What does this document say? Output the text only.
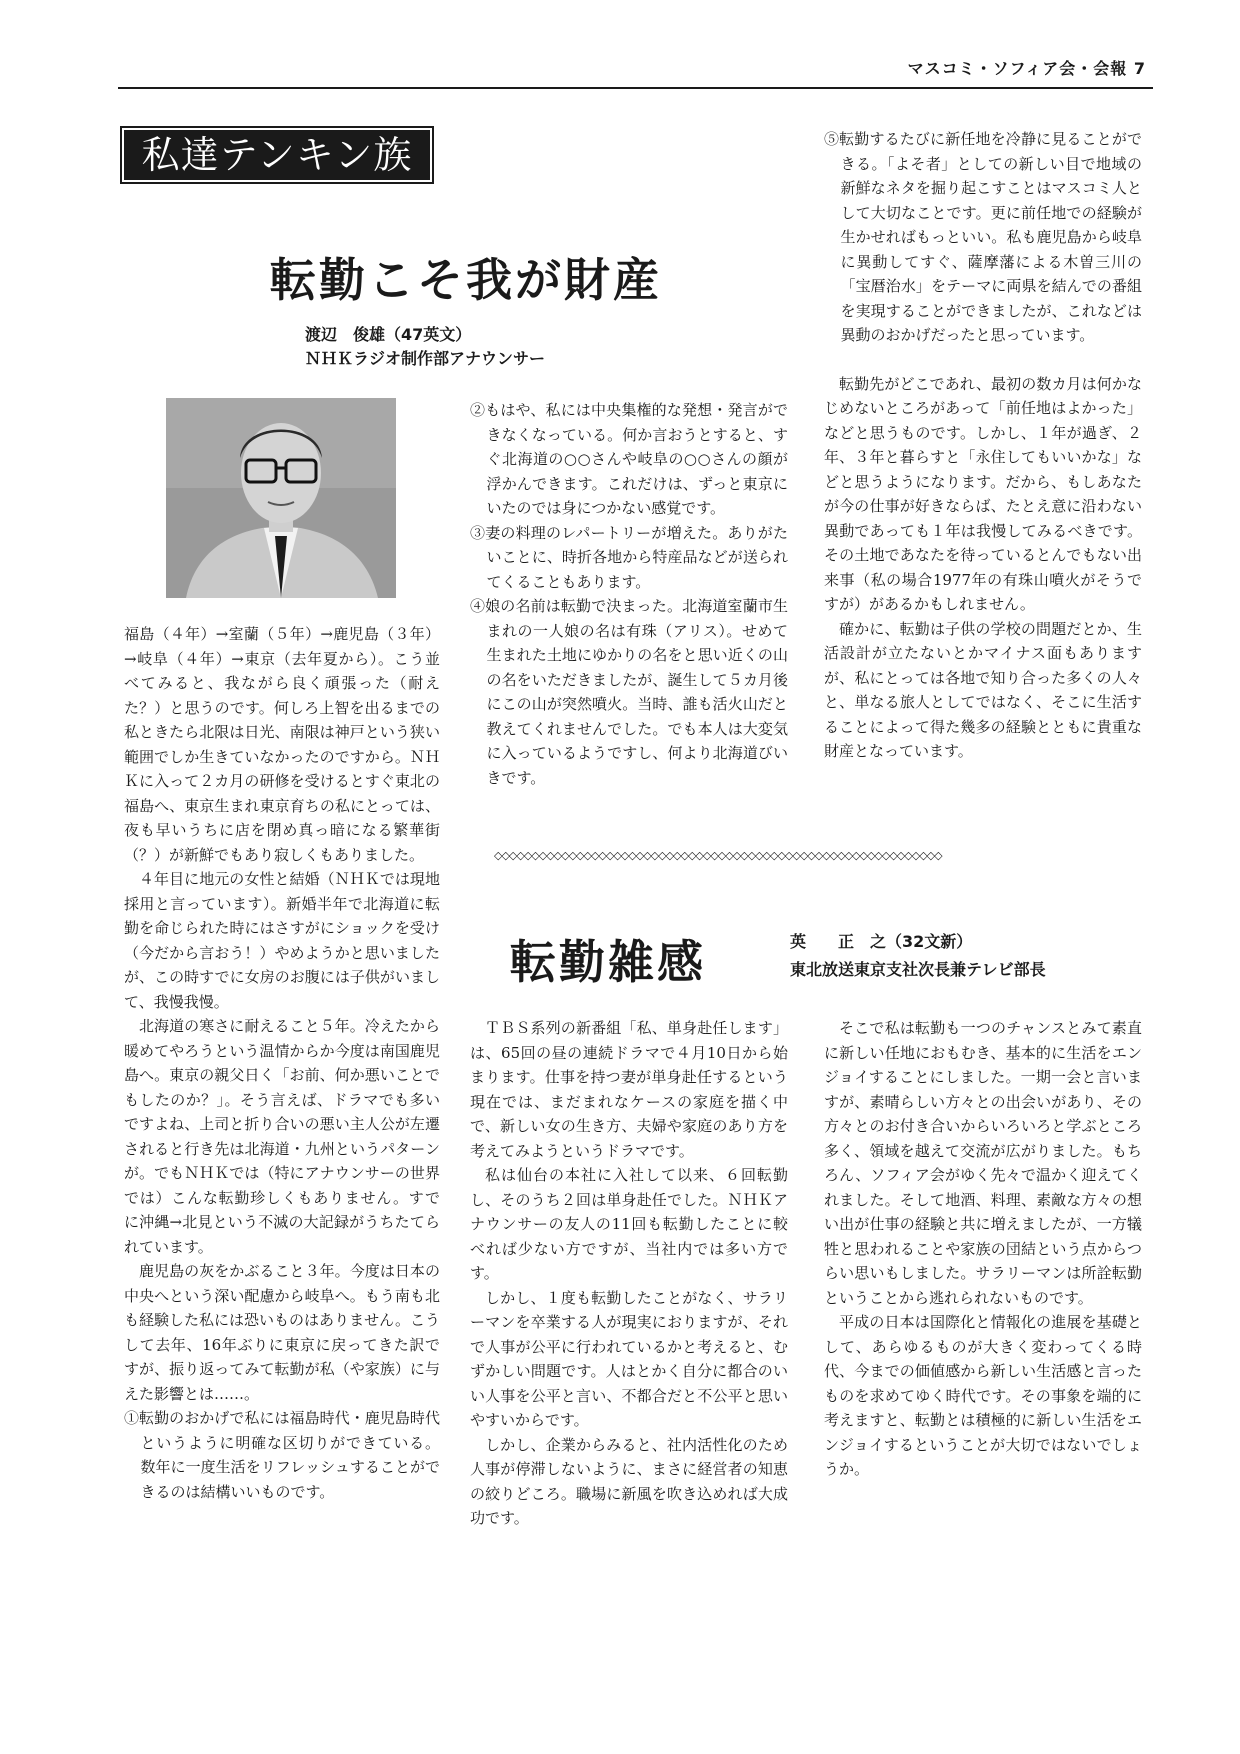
マスコミ・ソフィア会・会報 7
私達テンキン族
転勤こそ我が財産
渡辺　俊雄（47英文）
ＮＨＫラジオ制作部アナウンサー

福島（４年）→室蘭（５年）→鹿児島（３年）→岐阜（４年）→東京（去年夏から）。こう並べてみると、我ながら良く頑張った（耐えた？）と思うのです。何しろ上智を出るまでの私ときたら北限は日光、南限は神戸という狭い範囲でしか生きていなかったのですから。ＮＨＫに入って２カ月の研修を受けるとすぐ東北の福島へ、東京生まれ東京育ちの私にとっては、夜も早いうちに店を閉め真っ暗になる繁華街（？）が新鮮でもあり寂しくもありました。

４年目に地元の女性と結婚（ＮＨＫでは現地採用と言っています）。新婚半年で北海道に転勤を命じられた時にはさすがにショックを受け（今だから言おう！）やめようかと思いましたが、この時すでに女房のお腹には子供がいまして、我慢我慢。

北海道の寒さに耐えること５年。冷えたから暖めてやろうという温情からか今度は南国鹿児島へ。東京の親父日く「お前、何か悪いことでもしたのか？」。そう言えば、ドラマでも多いですよね、上司と折り合いの悪い主人公が左遷されると行き先は北海道・九州というパターンが。でもＮＨＫでは（特にアナウンサーの世界では）こんな転勤珍しくもありません。すでに沖縄→北見という不滅の大記録がうちたてられています。

鹿児島の灰をかぶること３年。今度は日本の中央へという深い配慮から岐阜へ。もう南も北も経験した私には恐いものはありません。こうして去年、16年ぶりに東京に戻ってきた訳ですが、振り返ってみて転勤が私（や家族）に与えた影響とは……。

①転勤のおかげで私には福島時代・鹿児島時代というように明確な区切りができている。数年に一度生活をリフレッシュすることができるのは結構いいものです。

②もはや、私には中央集権的な発想・発言ができなくなっている。何か言おうとすると、すぐ北海道の○○さんや岐阜の○○さんの顔が浮かんできます。これだけは、ずっと東京にいたのでは身につかない感覚です。

③妻の料理のレパートリーが増えた。ありがたいことに、時折各地から特産品などが送られてくることもあります。

④娘の名前は転勤で決まった。北海道室蘭市生まれの一人娘の名は有珠（アリス）。せめて生まれた土地にゆかりの名をと思い近くの山の名をいただきましたが、誕生して５カ月後にこの山が突然噴火。当時、誰も活火山だと教えてくれませんでした。でも本人は大変気に入っているようですし、何より北海道びいきです。

⑤転勤するたびに新任地を冷静に見ることができる。「よそ者」としての新しい目で地域の新鮮なネタを掘り起こすことはマスコミ人として大切なことです。更に前任地での経験が生かせればもっといい。私も鹿児島から岐阜に異動してすぐ、薩摩藩による木曽三川の「宝暦治水」をテーマに両県を結んでの番組を実現することができましたが、これなどは異動のおかげだったと思っています。

転勤先がどこであれ、最初の数カ月は何かなじめないところがあって「前任地はよかった」などと思うものです。しかし、１年が過ぎ、２年、３年と暮らすと「永住してもいいかな」などと思うようになります。だから、もしあなたが今の仕事が好きならば、たとえ意に沿わない異動であっても１年は我慢してみるべきです。その土地であなたを待っているとんでもない出来事（私の場合1977年の有珠山噴火がそうですが）があるかもしれません。

確かに、転勤は子供の学校の問題だとか、生活設計が立たないとかマイナス面もありますが、私にとっては各地で知り合った多くの人々と、単なる旅人としてではなく、そこに生活することによって得た幾多の経験とともに貴重な財産となっています。

◇◇◇◇◇◇◇◇◇◇◇◇◇◇◇◇◇◇◇◇◇◇◇◇◇◇◇◇◇◇◇◇◇◇◇◇◇◇◇◇◇◇◇◇◇◇◇◇◇◇◇◇◇◇◇◇◇◇◇◇
転勤雑感	英　　正　之（32文新）
東北放送東京支社次長兼テレビ部長

ＴＢＳ系列の新番組「私、単身赴任します」は、65回の昼の連続ドラマで４月10日から始まります。仕事を持つ妻が単身赴任するという現在では、まだまれなケースの家庭を描く中で、新しい女の生き方、夫婦や家庭のあり方を考えてみようというドラマです。

私は仙台の本社に入社して以来、６回転勤し、そのうち２回は単身赴任でした。ＮＨＫアナウンサーの友人の11回も転勤したことに較べれば少ない方ですが、当社内では多い方です。

しかし、１度も転勤したことがなく、サラリーマンを卒業する人が現実におりますが、それで人事が公平に行われているかと考えると、むずかしい問題です。人はとかく自分に都合のいい人事を公平と言い、不都合だと不公平と思いやすいからです。

しかし、企業からみると、社内活性化のため人事が停滞しないように、まさに経営者の知恵の絞りどころ。職場に新風を吹き込めれば大成功です。

そこで私は転勤も一つのチャンスとみて素直に新しい任地におもむき、基本的に生活をエンジョイすることにしました。一期一会と言いますが、素晴らしい方々との出会いがあり、その方々とのお付き合いからいろいろと学ぶところ多く、領域を越えて交流が広がりました。もちろん、ソフィア会がゆく先々で温かく迎えてくれました。そして地酒、料理、素敵な方々の想い出が仕事の経験と共に増えましたが、一方犠牲と思われることや家族の団結という点からつらい思いもしました。サラリーマンは所詮転勤ということから逃れられないものです。

平成の日本は国際化と情報化の進展を基礎として、あらゆるものが大きく変わってくる時代、今までの価値感から新しい生活感と言ったものを求めてゆく時代です。その事象を端的に考えますと、転勤とは積極的に新しい生活をエンジョイするということが大切ではないでしょうか。
